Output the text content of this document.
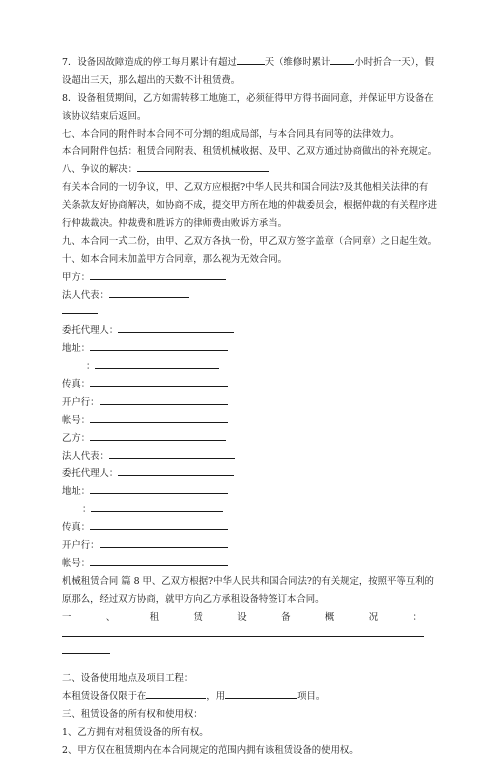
7．设备因故障造成的停工每月累计有超过	天（维修时累计	小时折合一天），假
设超出三天，那么超出的天数不计租赁费。
8．设备租赁期间，乙方如需转移工地施工，必须征得甲方得书面同意，并保证甲方设备在
该协议结束后返回。
七、本合同的附件时本合同不可分割的组成局部，与本合同具有同等的法律效力。
本合同附件包括：租赁合同附表、租赁机械收据、及甲、乙双方通过协商做出的补充规定。
八、争议的解决：
有关本合同的一切争议，甲、乙双方应根据?中华人民共和国合同法?及其他相关法律的有
关条款友好协商解决，如协商不成，提交甲方所在地的仲裁委员会，根据仲裁的有关程序进
行仲裁裁决。仲裁费和胜诉方的律师费由败诉方承当。
九、本合同一式二份，由甲、乙双方各执一份，甲乙双方签字盖章（合同章）之日起生效。
十、如本合同未加盖甲方合同章，那么视为无效合同。
甲方：
法人代表：
委托代理人：
地址：
：
传真：
开户行：
帐号：
乙方：
法人代表：
委托代理人：
地址：
：
传真：
开户行：
帐号：
机械租赁合同 篇 8 甲、乙双方根据?中华人民共和国合同法?的有关规定，按照平等互利的
原那么，经过双方协商，就甲方向乙方承租设备特签订本合同。
一	、	租	赁	设	备	概	况	：
二、设备使用地点及项目工程：
本租赁设备仅限于在	，用	项目。
三、租赁设备的所有权和使用权：
1、乙方拥有对租赁设备的所有权。
2、甲方仅在租赁期内在本合同规定的范围内拥有该租赁设备的使用权。
